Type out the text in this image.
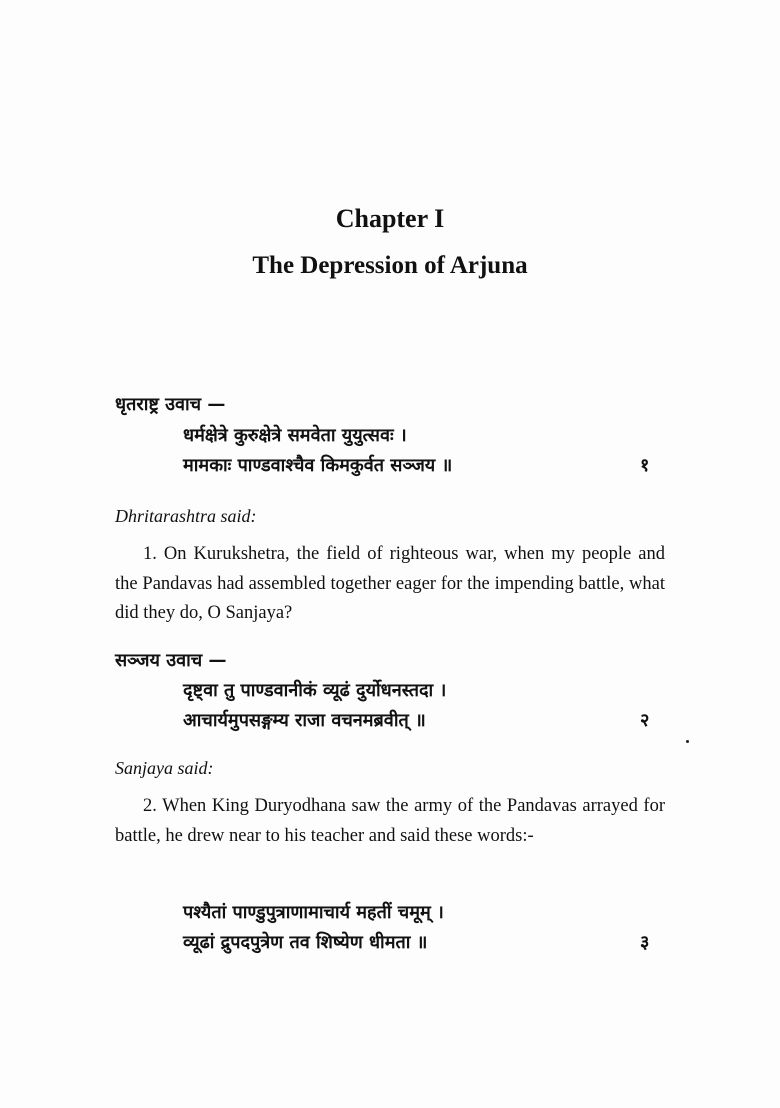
Chapter I
The Depression of Arjuna
धृतराष्ट्र उवाच —
धर्मक्षेत्रे कुरुक्षेत्रे समवेता युयुत्सवः ।
मामकाः पाण्डवाश्चैव किमकुर्वत सञ्जय ॥	१
Dhritarashtra said:
1. On Kurukshetra, the field of righteous war, when my people and the Pandavas had assembled together eager for the impending battle, what did they do, O Sanjaya?
सञ्जय उवाच —
दृष्ट्वा तु पाण्डवानीकं व्यूढं दुर्योधनस्तदा ।
आचार्यमुपसङ्गम्य राजा वचनमब्रवीत् ॥	२
Sanjaya said:
2. When King Duryodhana saw the army of the Pandavas arrayed for battle, he drew near to his teacher and said these words:-
पश्यैतां पाण्डुपुत्राणामाचार्य महतीं चमूम् ।
व्यूढां द्रुपदपुत्रेण तव शिष्येण धीमता ॥	३
